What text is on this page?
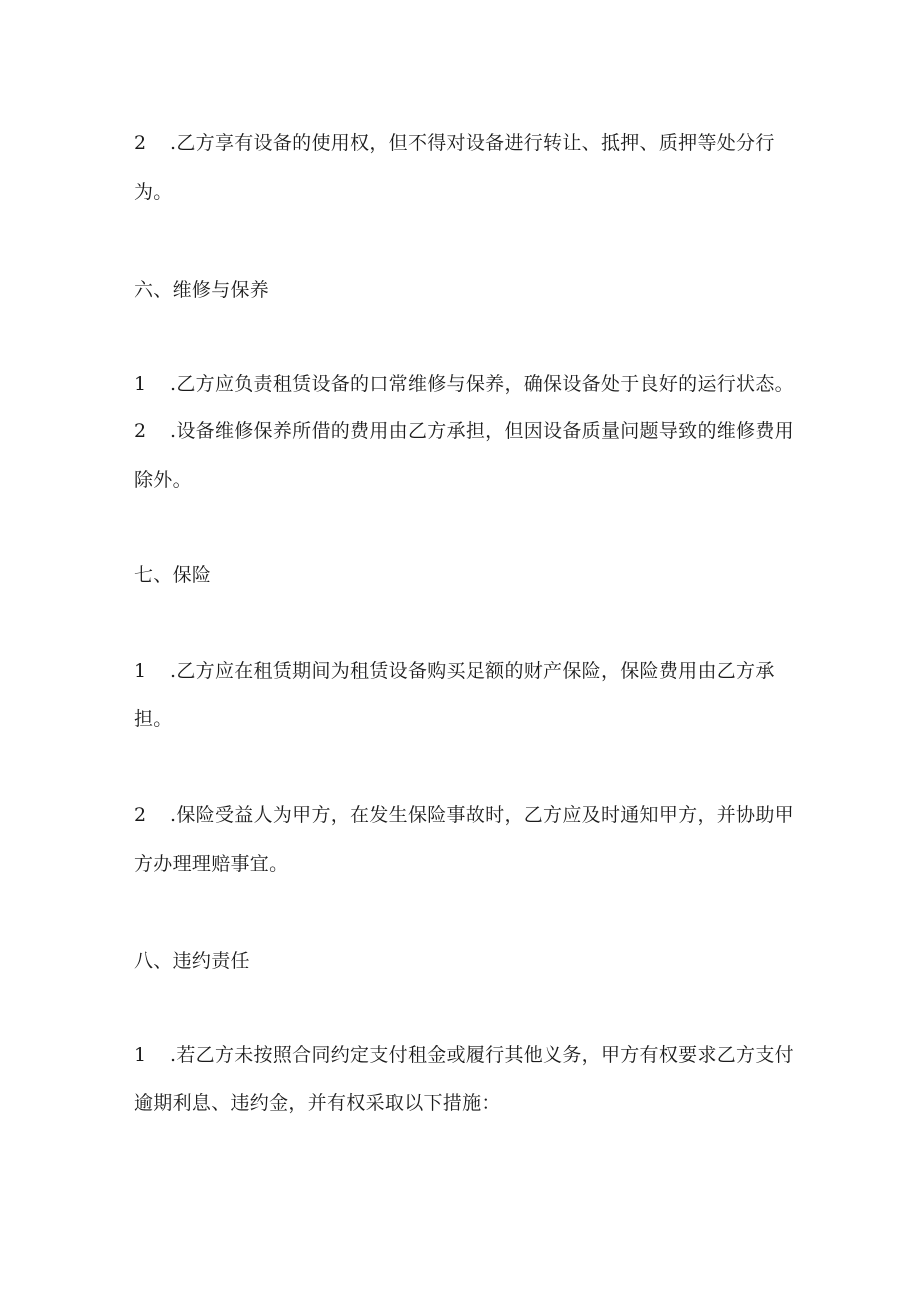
2 .乙方享有设备的使用权，但不得对设备进行转让、抵押、质押等处分行
为。
六、维修与保养
1 .乙方应负责租赁设备的口常维修与保养，确保设备处于良好的运行状态。
2 .设备维修保养所借的费用由乙方承担，但因设备质量问题导致的维修费用
除外。
七、保险
1 .乙方应在租赁期间为租赁设备购买足额的财产保险，保险费用由乙方承
担。
2 .保险受益人为甲方，在发生保险事故时，乙方应及时通知甲方，并协助甲
方办理理赔事宜。
八、违约责任
1 .若乙方未按照合同约定支付租金或履行其他义务，甲方有权要求乙方支付
逾期利息、违约金，并有权采取以下措施：
